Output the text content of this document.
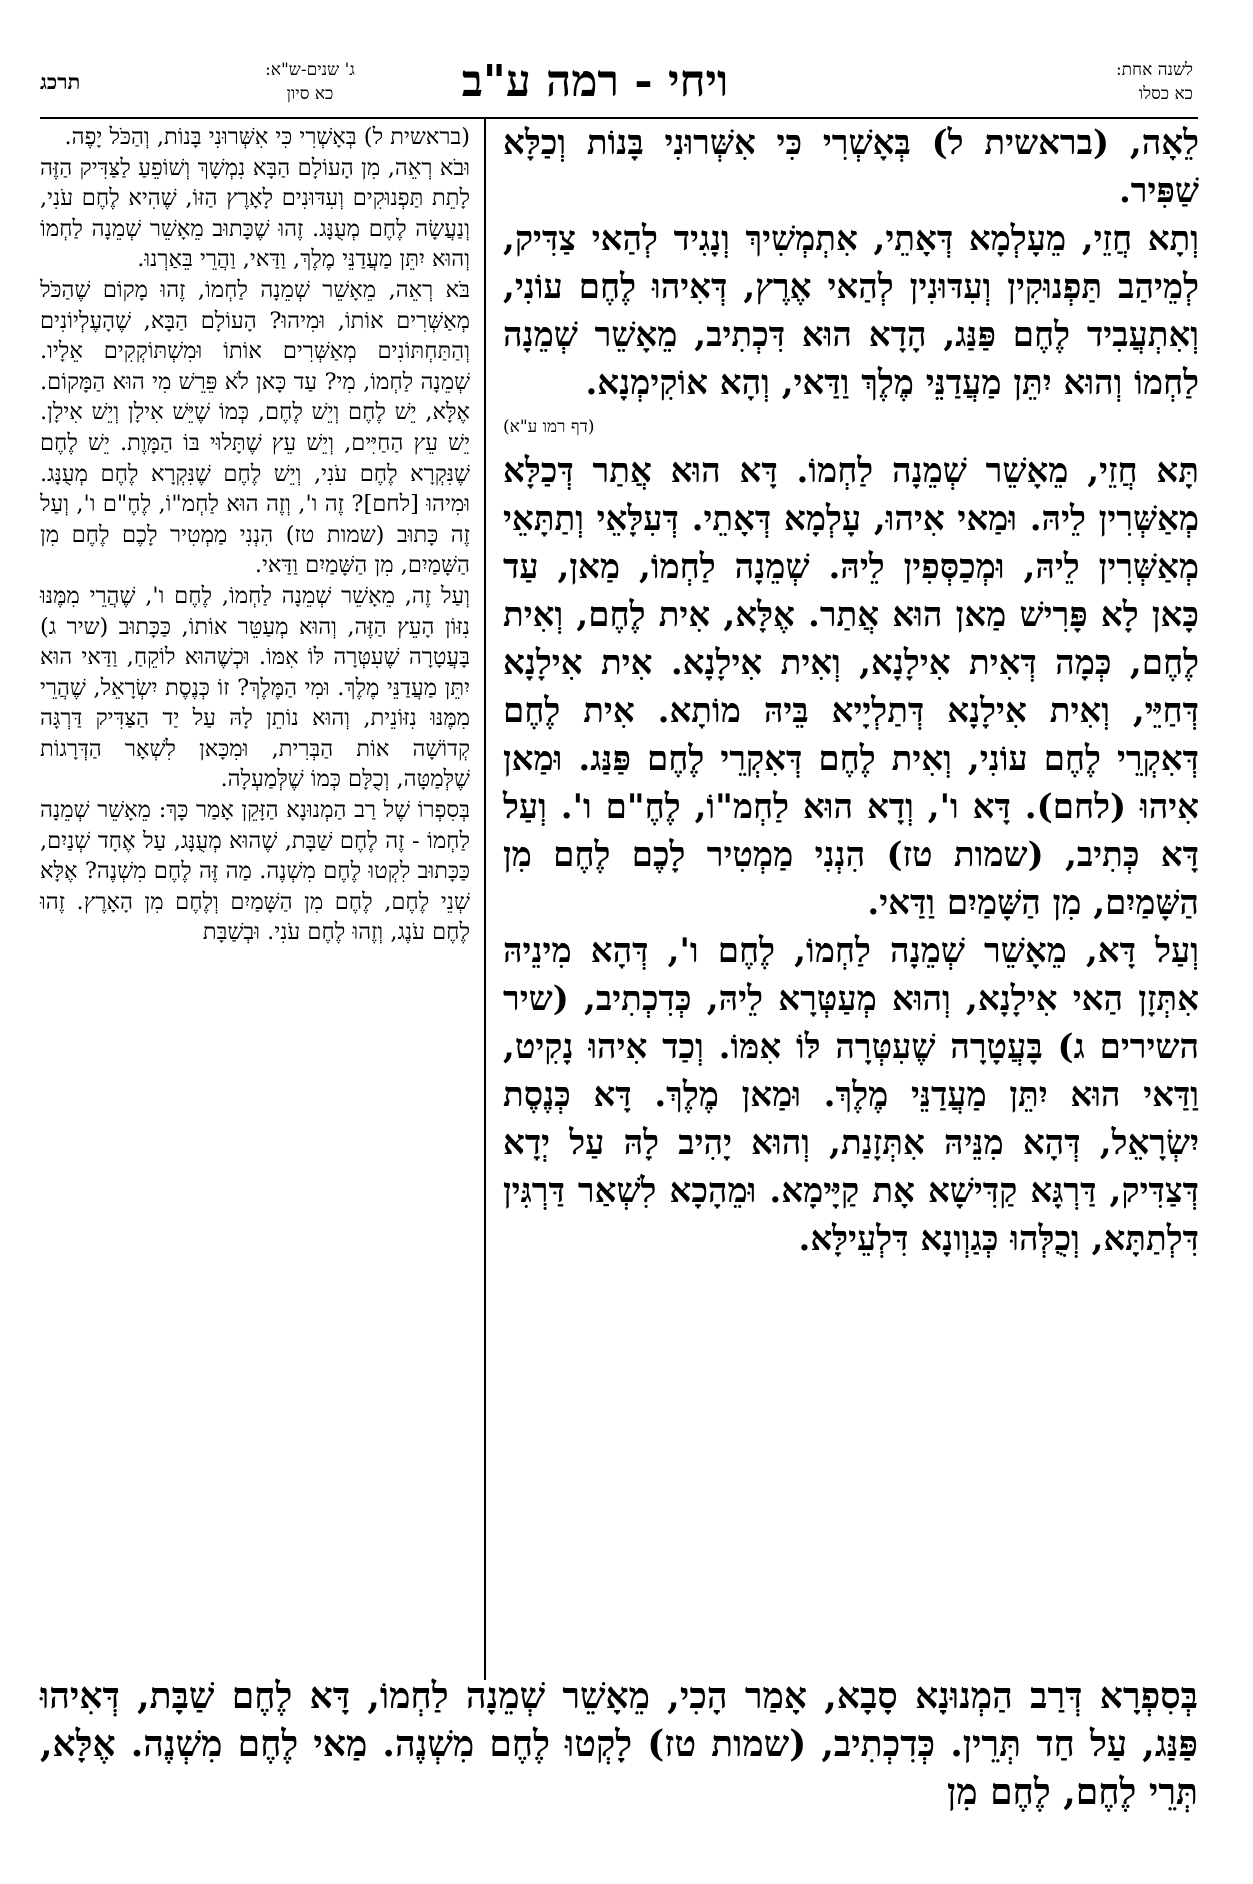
לשנה אחת:
כא כסלו
ויחי - רמה ע"ב
ג' שנים-ש"א:
כא סיון
תרכג

לֵאָה, (בראשית ל) בְּאָשְׁרִי כִּי אִשְּׁרוּנִי בָּנוֹת וְכַלָּא שַׁפִּיר.

וְתָא חֲזֵי, מֵעָלְמָא דְּאָתֵי, אִתְמְשִׁיךְ וְנָגִיד לְהַאי צַדִּיק, לְמֵיהַב תַּפְנוּקִין וְעִדּוּנִין לְהַאי אֶרֶץ, דְּאִיהוּ לֶחֶם עוֹנִי, וְאִתְעֲבִיד לֶחֶם פַּנַּג, הָדָא הוּא דִּכְתִיב, מֵאָשֵׁר שְׁמֵנָה לַחְמוֹ וְהוּא יִתֵּן מַעֲדַנֵּי מֶלֶךְ וַדַּאי, וְהָא אוֹקִימְנָא.

(דף רמו ע"א)

תָּא חֲזֵי, מֵאָשֵׁר שְׁמֵנָה לַחְמוֹ. דָּא הוּא אֲתַר דְּכַלָּא מְאַשְּׁרִין לֵיהּ. וּמַאי אִיהוּ, עָלְמָא דְּאָתֵי. דְּעִלָּאֵי וְתַתָּאֵי מְאַשְּׁרִין לֵיהּ, וּמְכַסְּפִין לֵיהּ. שְׁמֵנָה לַחְמוֹ, מַאן, עַד כָּאן לָא פָּרִישׁ מַאן הוּא אֲתַר. אֶלָּא, אִית לֶחֶם, וְאִית לֶחֶם, כְּמָה דְּאִית אִילָנָא, וְאִית אִילָנָא. אִית אִילָנָא דְּחַיֵּי, וְאִית אִילָנָא דְּתַלְיָיא בֵּיהּ מוֹתָא. אִית לֶחֶם דְּאִקְרֵי לֶחֶם עוֹנִי, וְאִית לֶחֶם דְּאִקְרֵי לֶחֶם פַּנַּג. וּמַאן אִיהוּ (לחם). דָּא ו', וְדָא הוּא לַחְמ"וֹ, לֶחֶ"ם ו'. וְעַל דָּא כְּתִיב, (שמות טז) הִנְנִי מַמְטִיר לָכֶם לֶחֶם מִן הַשָּׁמַיִם, מִן הַשָּׁמַיִם וַדַּאי.

וְעַל דָּא, מֵאָשֵׁר שְׁמֵנָה לַחְמוֹ, לֶחֶם ו', דְּהָא מִינֵיהּ אִתְּזָן הַאי אִילָנָא, וְהוּא מְעַטְּרָא לֵיהּ, כְּדִכְתִיב, (שיר השירים ג) בָּעֲטָרָה שֶׁעִטְּרָה לּוֹ אִמּוֹ. וְכַד אִיהוּ נָקִיט, וַדַּאי הוּא יִתֵּן מַעֲדַנֵּי מֶלֶךְ. וּמַאן מֶלֶךְ. דָּא כְּנֶסֶת יִשְׂרָאֵל, דְּהָא מִנֵּיהּ אִתְּזָנַת, וְהוּא יָהִיב לָהּ עַל יְדָא דְּצַדִּיק, דַּרְגָּא קַדִּישָׁא אָת קַיָּימָא. וּמֵהָכָא לִשְׁאַר דַּרְגִּין דִּלְתַתָּא, וְכֻלְּהוּ כְּגַוְונָא דִּלְעֵילָּא.

(בראשית ל) בְּאָשְׁרִי כִּי אִשְּׁרוּנִי בָּנוֹת, וְהַכֹּל יָפֶה.

וּבֹא רְאֵה, מִן הָעוֹלָם הַבָּא נִמְשָׁךְ וְשׁוֹפֵעַ לַצַּדִּיק הַזֶּה לָתֵת תַּפְנוּקִים וְעִדּוּנִים לָאָרֶץ הַזּוֹ, שֶׁהִיא לֶחֶם עֹנִי, וְנַעֲשָׂה לֶחֶם מְעֻנָּג. זֶהוּ שֶׁכָּתוּב מֵאָשֵׁר שְׁמֵנָה לַחְמוֹ וְהוּא יִתֵּן מַעֲדַנֵּי מֶלֶךְ, וַדַּאי, וַהֲרֵי בֵּאַרְנוּ.

בֹּא רְאֵה, מֵאָשֵׁר שְׁמֵנָה לַחְמוֹ, זֶהוּ מָקוֹם שֶׁהַכֹּל מְאַשְּׁרִים אוֹתוֹ, וּמִיהוּ? הָעוֹלָם הַבָּא, שֶׁהָעֶלְיוֹנִים וְהַתַּחְתּוֹנִים מְאַשְּׁרִים אוֹתוֹ וּמִשְׁתּוֹקְקִים אֵלָיו. שְׁמֵנָה לַחְמוֹ, מִי? עַד כָּאן לֹא פֵּרֵשׁ מִי הוּא הַמָּקוֹם. אֶלָּא, יֵשׁ לֶחֶם וְיֵשׁ לֶחֶם, כְּמוֹ שֶׁיֵּשׁ אִילָן וְיֵשׁ אִילָן. יֵשׁ עֵץ הַחַיִּים, וְיֵשׁ עֵץ שֶׁתָּלוּי בּוֹ הַמָּוֶת. יֵשׁ לֶחֶם שֶׁנִּקְרָא לֶחֶם עֹנִי, וְיֵשׁ לֶחֶם שֶׁנִּקְרָא לֶחֶם מְעֻנָּג. וּמִיהוּ [לחם]? זֶה ו', וְזֶה הוּא לַחְמ"וֹ, לֶחֶ"ם ו', וְעַל זֶה כָּתוּב (שמות טז) הִנְנִי מַמְטִיר לָכֶם לֶחֶם מִן הַשָּׁמַיִם, מִן הַשָּׁמַיִם וַדַּאי.

וְעַל זֶה, מֵאָשֵׁר שְׁמֵנָה לַחְמוֹ, לֶחֶם ו', שֶׁהֲרֵי מִמֶּנּוּ נִזּוֹן הָעֵץ הַזֶּה, וְהוּא מְעַטֵּר אוֹתוֹ, כַּכָּתוּב (שיר ג) בָּעֲטָרָה שֶׁעִטְּרָה לּוֹ אִמּוֹ. וּכְשֶׁהוּא לוֹקֵחַ, וַדַּאי הוּא יִתֵּן מַעֲדַנֵּי מֶלֶךְ. וּמִי הַמֶּלֶךְ? זוֹ כְּנֶסֶת יִשְׂרָאֵל, שֶׁהֲרֵי מִמֶּנּוּ נִזּוֹנֵית, וְהוּא נוֹתֵן לָהּ עַל יַד הַצַּדִּיק דַּרְגָּה קְדוֹשָׁה אוֹת הַבְּרִית, וּמִכָּאן לִשְׁאָר הַדְּרָגוֹת שֶׁלְּמַטָּה, וְכֻלָּם כְּמוֹ שֶׁלְּמַעְלָה.

בְּסִפְרוֹ שֶׁל רַב הַמְנוּנָא הַזָּקֵן אָמַר כָּךְ: מֵאָשֵׁר שְׁמֵנָה לַחְמוֹ - זֶה לֶחֶם שַׁבָּת, שֶׁהוּא מְעֻנָּג, עַל אֶחָד שְׁנַיִם, כַּכָּתוּב לִקְטוּ לֶחֶם מִשְׁנֶה. מַה זֶּה לֶחֶם מִשְׁנֶה? אֶלָּא שְׁנֵי לֶחֶם, לֶחֶם מִן הַשָּׁמַיִם וְלֶחֶם מִן הָאָרֶץ. זֶהוּ לֶחֶם עֹנֶג, וְזֶהוּ לֶחֶם עֹנִי. וּבְשַׁבָּת

בְּסִפְרָא דְּרַב הַמְנוּנָא סָבָא, אָמַר הָכִי, מֵאָשֵׁר שְׁמֵנָה לַחְמוֹ, דָּא לֶחֶם שַׁבָּת, דְּאִיהוּ פַּנַּג, עַל חַד תְּרֵין. כְּדִכְתִיב, (שמות טז) לָקְטוּ לֶחֶם מִשְׁנֶה. מַאי לֶחֶם מִשְׁנֶה. אֶלָּא, תְּרֵי לֶחֶם, לֶחֶם מִן
